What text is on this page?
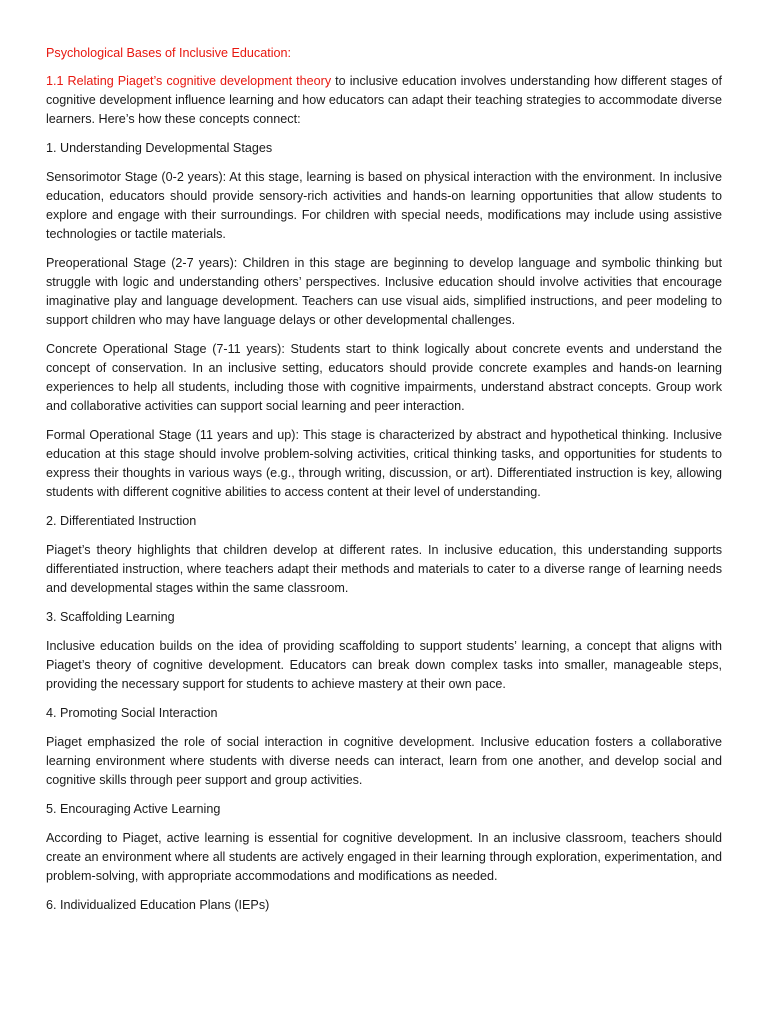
Psychological Bases of Inclusive Education:

1.1 Relating Piaget’s cognitive development theory to inclusive education involves understanding how different stages of cognitive development influence learning and how educators can adapt their teaching strategies to accommodate diverse learners. Here’s how these concepts connect:

1. Understanding Developmental Stages

Sensorimotor Stage (0-2 years): At this stage, learning is based on physical interaction with the environment. In inclusive education, educators should provide sensory-rich activities and hands-on learning opportunities that allow students to explore and engage with their surroundings. For children with special needs, modifications may include using assistive technologies or tactile materials.

Preoperational Stage (2-7 years): Children in this stage are beginning to develop language and symbolic thinking but struggle with logic and understanding others’ perspectives. Inclusive education should involve activities that encourage imaginative play and language development. Teachers can use visual aids, simplified instructions, and peer modeling to support children who may have language delays or other developmental challenges.

Concrete Operational Stage (7-11 years): Students start to think logically about concrete events and understand the concept of conservation. In an inclusive setting, educators should provide concrete examples and hands-on learning experiences to help all students, including those with cognitive impairments, understand abstract concepts. Group work and collaborative activities can support social learning and peer interaction.

Formal Operational Stage (11 years and up): This stage is characterized by abstract and hypothetical thinking. Inclusive education at this stage should involve problem-solving activities, critical thinking tasks, and opportunities for students to express their thoughts in various ways (e.g., through writing, discussion, or art). Differentiated instruction is key, allowing students with different cognitive abilities to access content at their level of understanding.

2. Differentiated Instruction

Piaget’s theory highlights that children develop at different rates. In inclusive education, this understanding supports differentiated instruction, where teachers adapt their methods and materials to cater to a diverse range of learning needs and developmental stages within the same classroom.

3. Scaffolding Learning

Inclusive education builds on the idea of providing scaffolding to support students’ learning, a concept that aligns with Piaget’s theory of cognitive development. Educators can break down complex tasks into smaller, manageable steps, providing the necessary support for students to achieve mastery at their own pace.

4. Promoting Social Interaction

Piaget emphasized the role of social interaction in cognitive development. Inclusive education fosters a collaborative learning environment where students with diverse needs can interact, learn from one another, and develop social and cognitive skills through peer support and group activities.

5. Encouraging Active Learning

According to Piaget, active learning is essential for cognitive development. In an inclusive classroom, teachers should create an environment where all students are actively engaged in their learning through exploration, experimentation, and problem-solving, with appropriate accommodations and modifications as needed.

6. Individualized Education Plans (IEPs)
